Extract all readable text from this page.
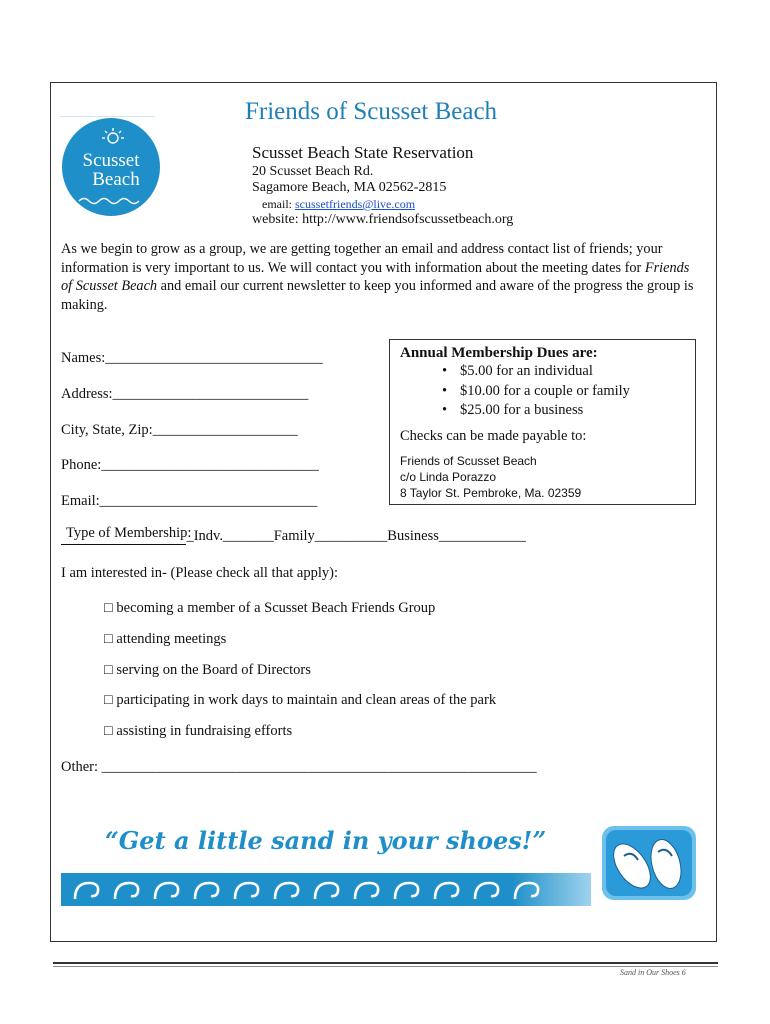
Scusset
Beach
Friends of Scusset Beach
Scusset Beach State Reservation
20 Scusset Beach Rd.
Sagamore Beach, MA 02562-2815
email: scussetfriends@live.com
website: http://www.friendsofscussetbeach.org
As we begin to grow as a group, we are getting together an email and address contact list of friends; your information is very important to us. We will contact you with information about the meeting dates for Friends of Scusset Beach and email our current newsletter to keep you informed and aware of the progress the group is making.
Names:______________________________
Address:___________________________
City, State, Zip:____________________
Phone:______________________________
Email:______________________________
Annual Membership Dues are:
• $5.00 for an individual
• $10.00 for a couple or family
• $25.00 for a business
Checks can be made payable to:
Friends of Scusset Beach
c/o Linda Porazzo
8 Taylor St. Pembroke, Ma. 02359
Type of Membership:
_Indv._______Family__________Business____________
I am interested in- (Please check all that apply):
□ becoming a member of a Scusset Beach Friends Group
□ attending meetings
□ serving on the Board of Directors
□ participating in work days to maintain and clean areas of the park
□ assisting in fundraising efforts
Other: ____________________________________________________________
“Get a little sand in your shoes!”
Sand in Our Shoes 6
